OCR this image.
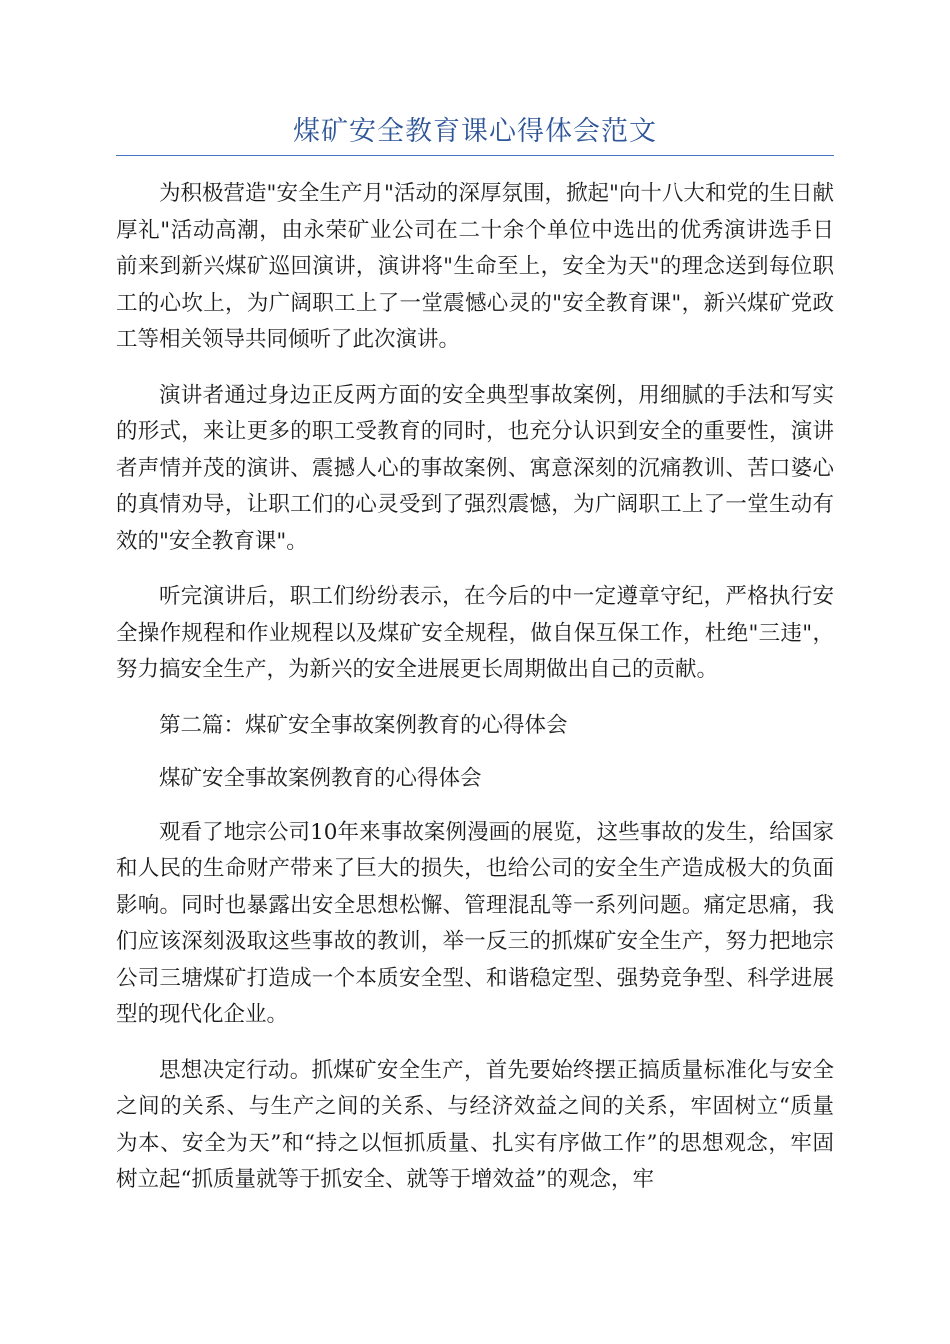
煤矿安全教育课心得体会范文

为积极营造"安全生产月"活动的深厚氛围，掀起"向十八大和党的生日献厚礼"活动高潮，由永荣矿业公司在二十余个单位中选出的优秀演讲选手日前来到新兴煤矿巡回演讲，演讲将"生命至上，安全为天"的理念送到每位职工的心坎上，为广阔职工上了一堂震憾心灵的"安全教育课"，新兴煤矿党政工等相关领导共同倾听了此次演讲。

演讲者通过身边正反两方面的安全典型事故案例，用细腻的手法和写实的形式，来让更多的职工受教育的同时，也充分认识到安全的重要性，演讲者声情并茂的演讲、震撼人心的事故案例、寓意深刻的沉痛教训、苦口婆心的真情劝导，让职工们的心灵受到了强烈震憾，为广阔职工上了一堂生动有效的"安全教育课"。

听完演讲后，职工们纷纷表示，在今后的中一定遵章守纪，严格执行安全操作规程和作业规程以及煤矿安全规程，做自保互保工作，杜绝"三违"，努力搞安全生产，为新兴的安全进展更长周期做出自己的贡献。

第二篇：煤矿安全事故案例教育的心得体会

煤矿安全事故案例教育的心得体会

观看了地宗公司10年来事故案例漫画的展览，这些事故的发生，给国家和人民的生命财产带来了巨大的损失，也给公司的安全生产造成极大的负面影响。同时也暴露出安全思想松懈、管理混乱等一系列问题。痛定思痛，我们应该深刻汲取这些事故的教训，举一反三的抓煤矿安全生产，努力把地宗公司三塘煤矿打造成一个本质安全型、和谐稳定型、强势竞争型、科学进展型的现代化企业。

思想决定行动。抓煤矿安全生产，首先要始终摆正搞质量标准化与安全之间的关系、与生产之间的关系、与经济效益之间的关系，牢固树立“质量为本、安全为天”和“持之以恒抓质量、扎实有序做工作”的思想观念，牢固树立起“抓质量就等于抓安全、就等于增效益”的观念，牢
